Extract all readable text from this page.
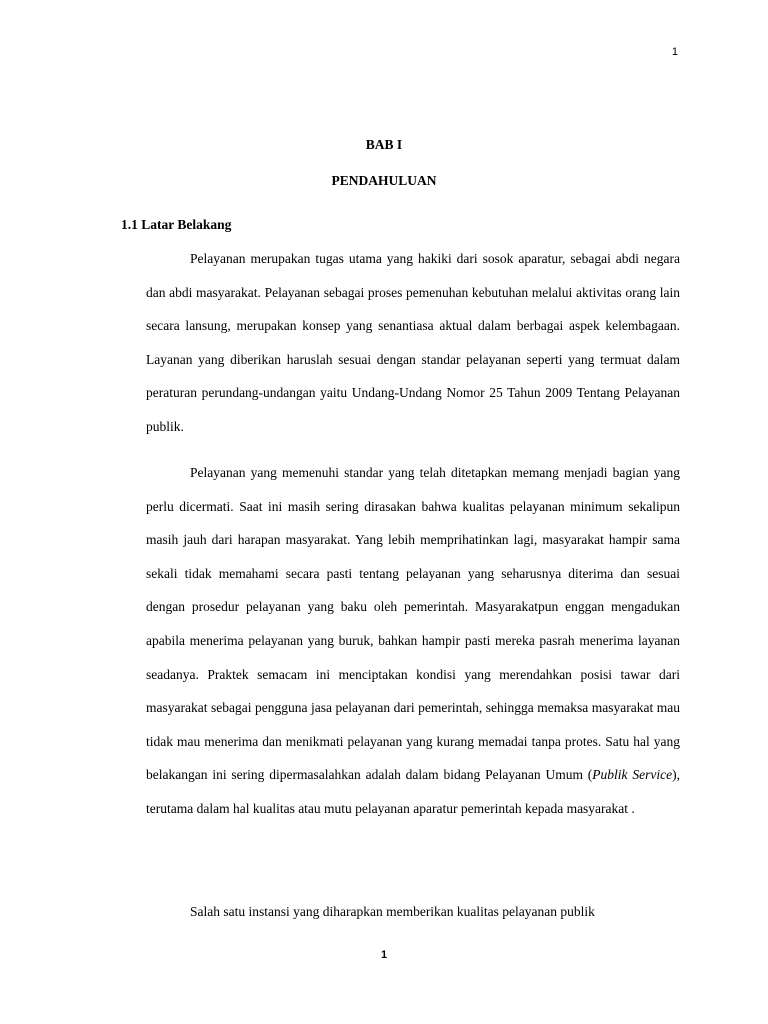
1
BAB I
PENDAHULUAN
1.1 Latar Belakang

Pelayanan merupakan tugas utama yang hakiki dari sosok aparatur, sebagai abdi negara dan abdi masyarakat. Pelayanan sebagai proses pemenuhan kebutuhan melalui aktivitas orang lain secara lansung, merupakan konsep yang senantiasa aktual dalam berbagai aspek kelembagaan. Layanan yang diberikan haruslah sesuai dengan standar pelayanan seperti yang termuat dalam peraturan perundang-undangan yaitu Undang-Undang Nomor 25 Tahun 2009 Tentang Pelayanan publik.

Pelayanan yang memenuhi standar yang telah ditetapkan memang menjadi bagian yang perlu dicermati. Saat ini masih sering dirasakan bahwa kualitas pelayanan minimum sekalipun masih jauh dari harapan masyarakat. Yang lebih memprihatinkan lagi, masyarakat hampir sama sekali tidak memahami secara pasti tentang pelayanan yang seharusnya diterima dan sesuai dengan prosedur pelayanan yang baku oleh pemerintah. Masyarakatpun enggan mengadukan apabila menerima pelayanan yang buruk, bahkan hampir pasti mereka pasrah menerima layanan seadanya. Praktek semacam ini menciptakan kondisi yang merendahkan posisi tawar dari masyarakat sebagai pengguna jasa pelayanan dari pemerintah, sehingga memaksa masyarakat mau tidak mau menerima dan menikmati pelayanan yang kurang memadai tanpa protes. Satu hal yang belakangan ini sering dipermasalahkan adalah dalam bidang Pelayanan Umum (Publik Service), terutama dalam hal kualitas atau mutu pelayanan aparatur pemerintah kepada masyarakat .

Salah satu instansi yang diharapkan memberikan kualitas pelayanan publik

1
